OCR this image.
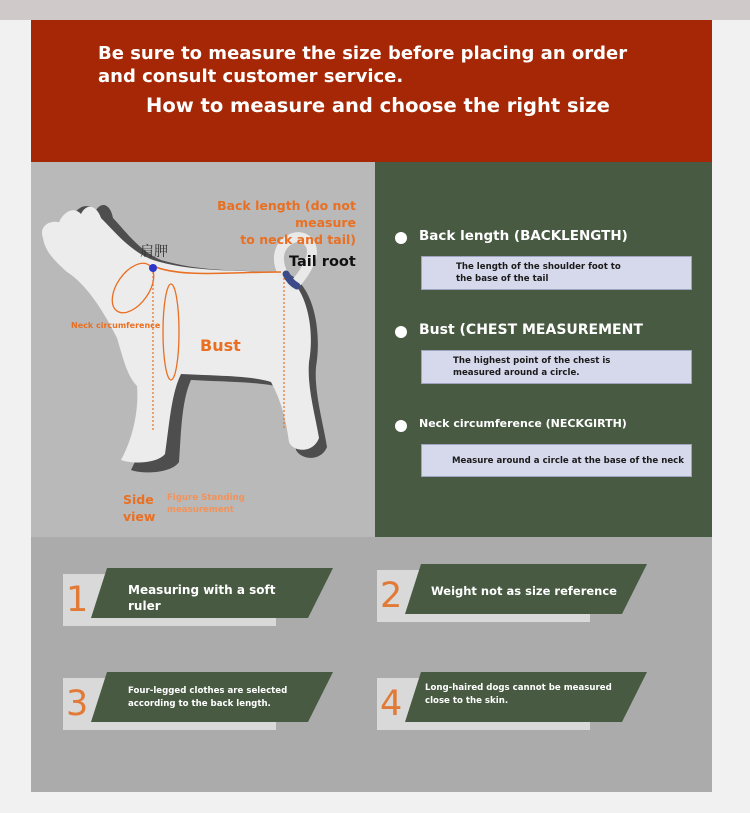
Be sure to measure the size before placing an order and consult customer service.
How to measure and choose the right size
Back length (do not measure
to neck and tail)
肩胛
Tail root
Neck circumference
Bust
Side
view
Figure Standing
measurement
Back length (BACKLENGTH)
The length of the shoulder foot to
the base of the tail
Bust (CHEST MEASUREMENT
The highest point of the chest is
measured around a circle.
Neck circumference (NECKGIRTH)
Measure around a circle at the base of the neck
1	Measuring with a soft
ruler	2 Weight not as size reference
3	Four-legged clothes are selected
according to the back length.	4	Long-haired dogs cannot be measured
close to the skin.
